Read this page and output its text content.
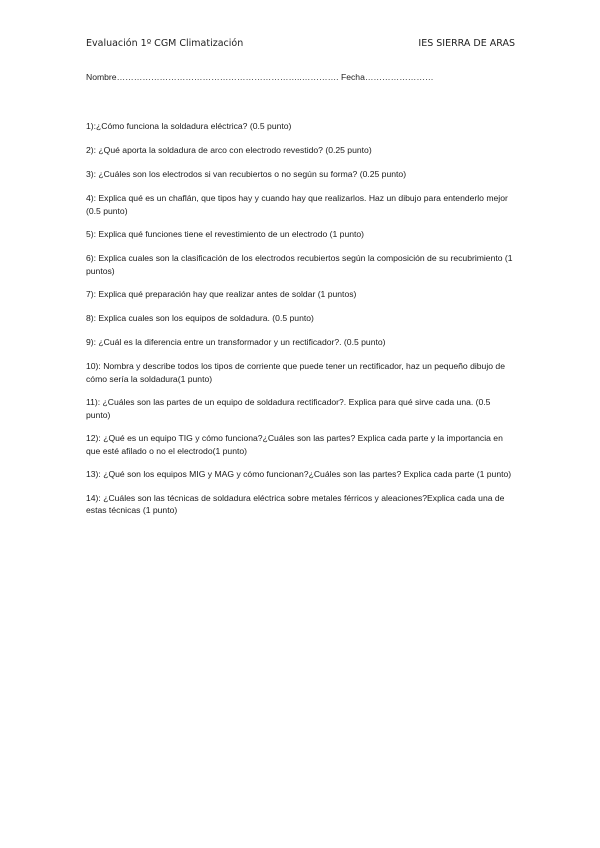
Evaluación 1º CGM Climatización	IES SIERRA DE ARAS
Nombre………………………………………………………..…………. Fecha……………………
1):¿Cómo funciona la soldadura eléctrica? (0.5 punto)
2): ¿Qué aporta la soldadura de arco con electrodo revestido? (0.25 punto)
3): ¿Cuáles son los electrodos si van recubiertos o no según su forma? (0.25 punto)
4): Explica qué es un chaflán, que tipos hay y cuando hay que realizarlos. Haz un dibujo para entenderlo mejor (0.5 punto)
5): Explica qué funciones tiene el revestimiento de un electrodo (1 punto)
6): Explica cuales son la clasificación de los electrodos recubiertos según la composición de su recubrimiento (1 puntos)
7): Explica qué preparación hay que realizar antes de soldar (1 puntos)
8): Explica cuales son los equipos de soldadura. (0.5 punto)
9): ¿Cuál es la diferencia entre un transformador y un rectificador?. (0.5 punto)
10): Nombra y describe todos los tipos de corriente que puede tener un rectificador, haz un pequeño dibujo de cómo sería la soldadura(1 punto)
11): ¿Cuáles son las partes de un equipo de soldadura rectificador?. Explica para qué sirve cada una. (0.5 punto)
12): ¿Qué es un equipo TIG y cómo funciona?¿Cuáles son las partes? Explica cada parte y la importancia en que esté afilado o no el electrodo(1 punto)
13): ¿Qué son los equipos MIG y MAG y cómo funcionan?¿Cuáles son las partes? Explica cada parte (1 punto)
14): ¿Cuáles son las técnicas de soldadura eléctrica sobre metales férricos y aleaciones?Explica cada una de estas técnicas (1 punto)
